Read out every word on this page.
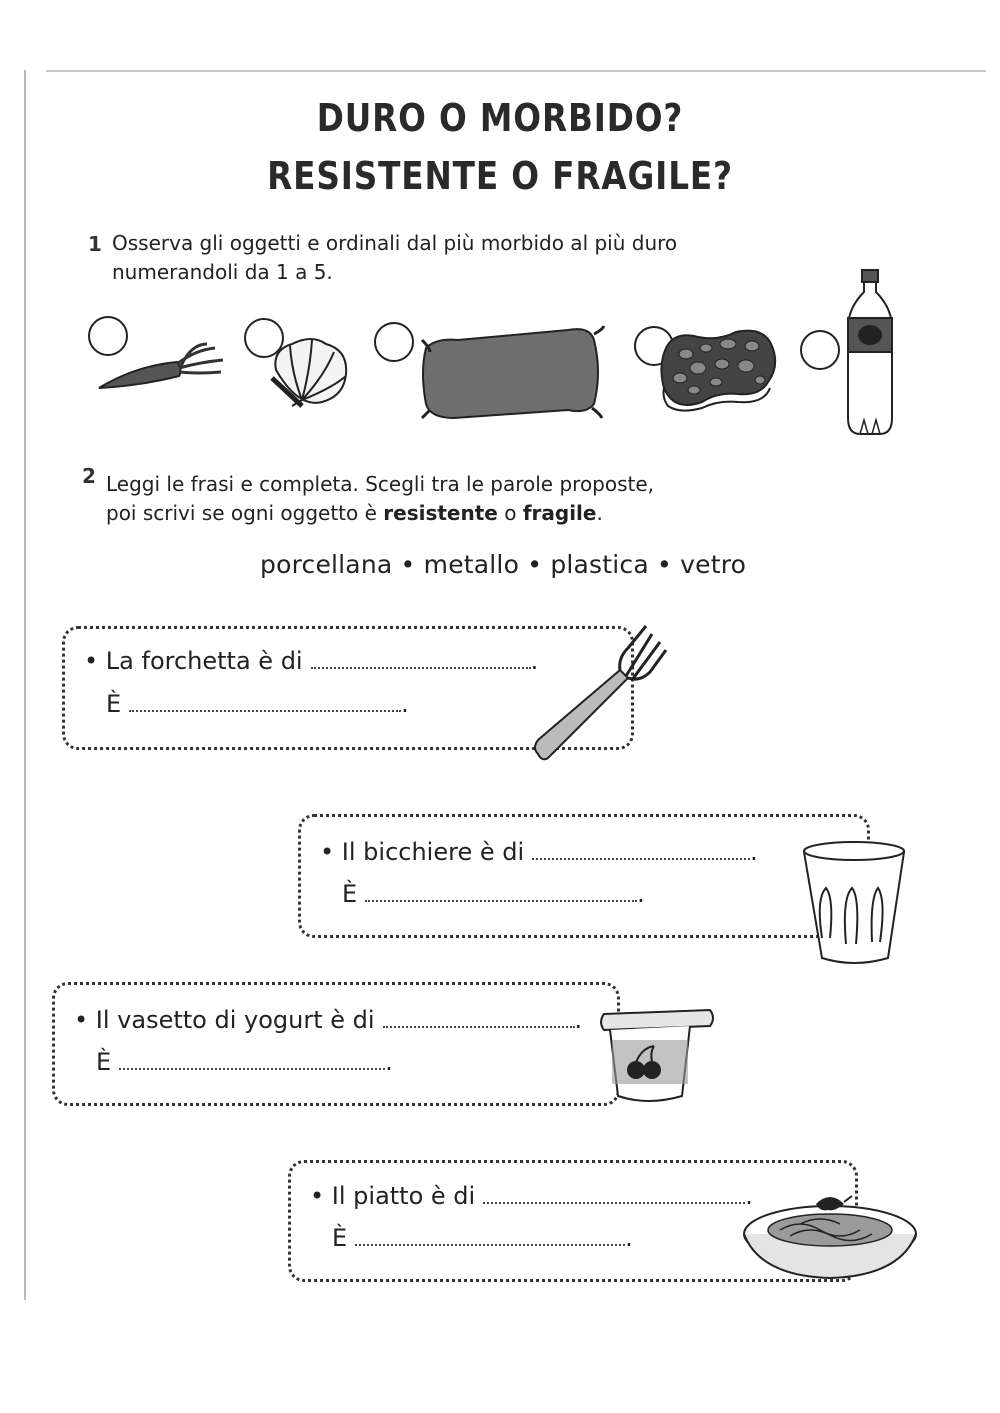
DURO O MORBIDO?
RESISTENTE O FRAGILE?
1 Osserva gli oggetti e ordinali dal più morbido al più duro
numerandoli da 1 a 5.
2 Leggi le frasi e completa. Scegli tra le parole proposte,
poi scrivi se ogni oggetto è resistente o fragile.
porcellana • metallo • plastica • vetro
• La forchetta è di	.
È	.
• Il bicchiere è di	.
È	.
• Il vasetto di yogurt è di	.
È	.
• Il piatto è di	.
È	.
